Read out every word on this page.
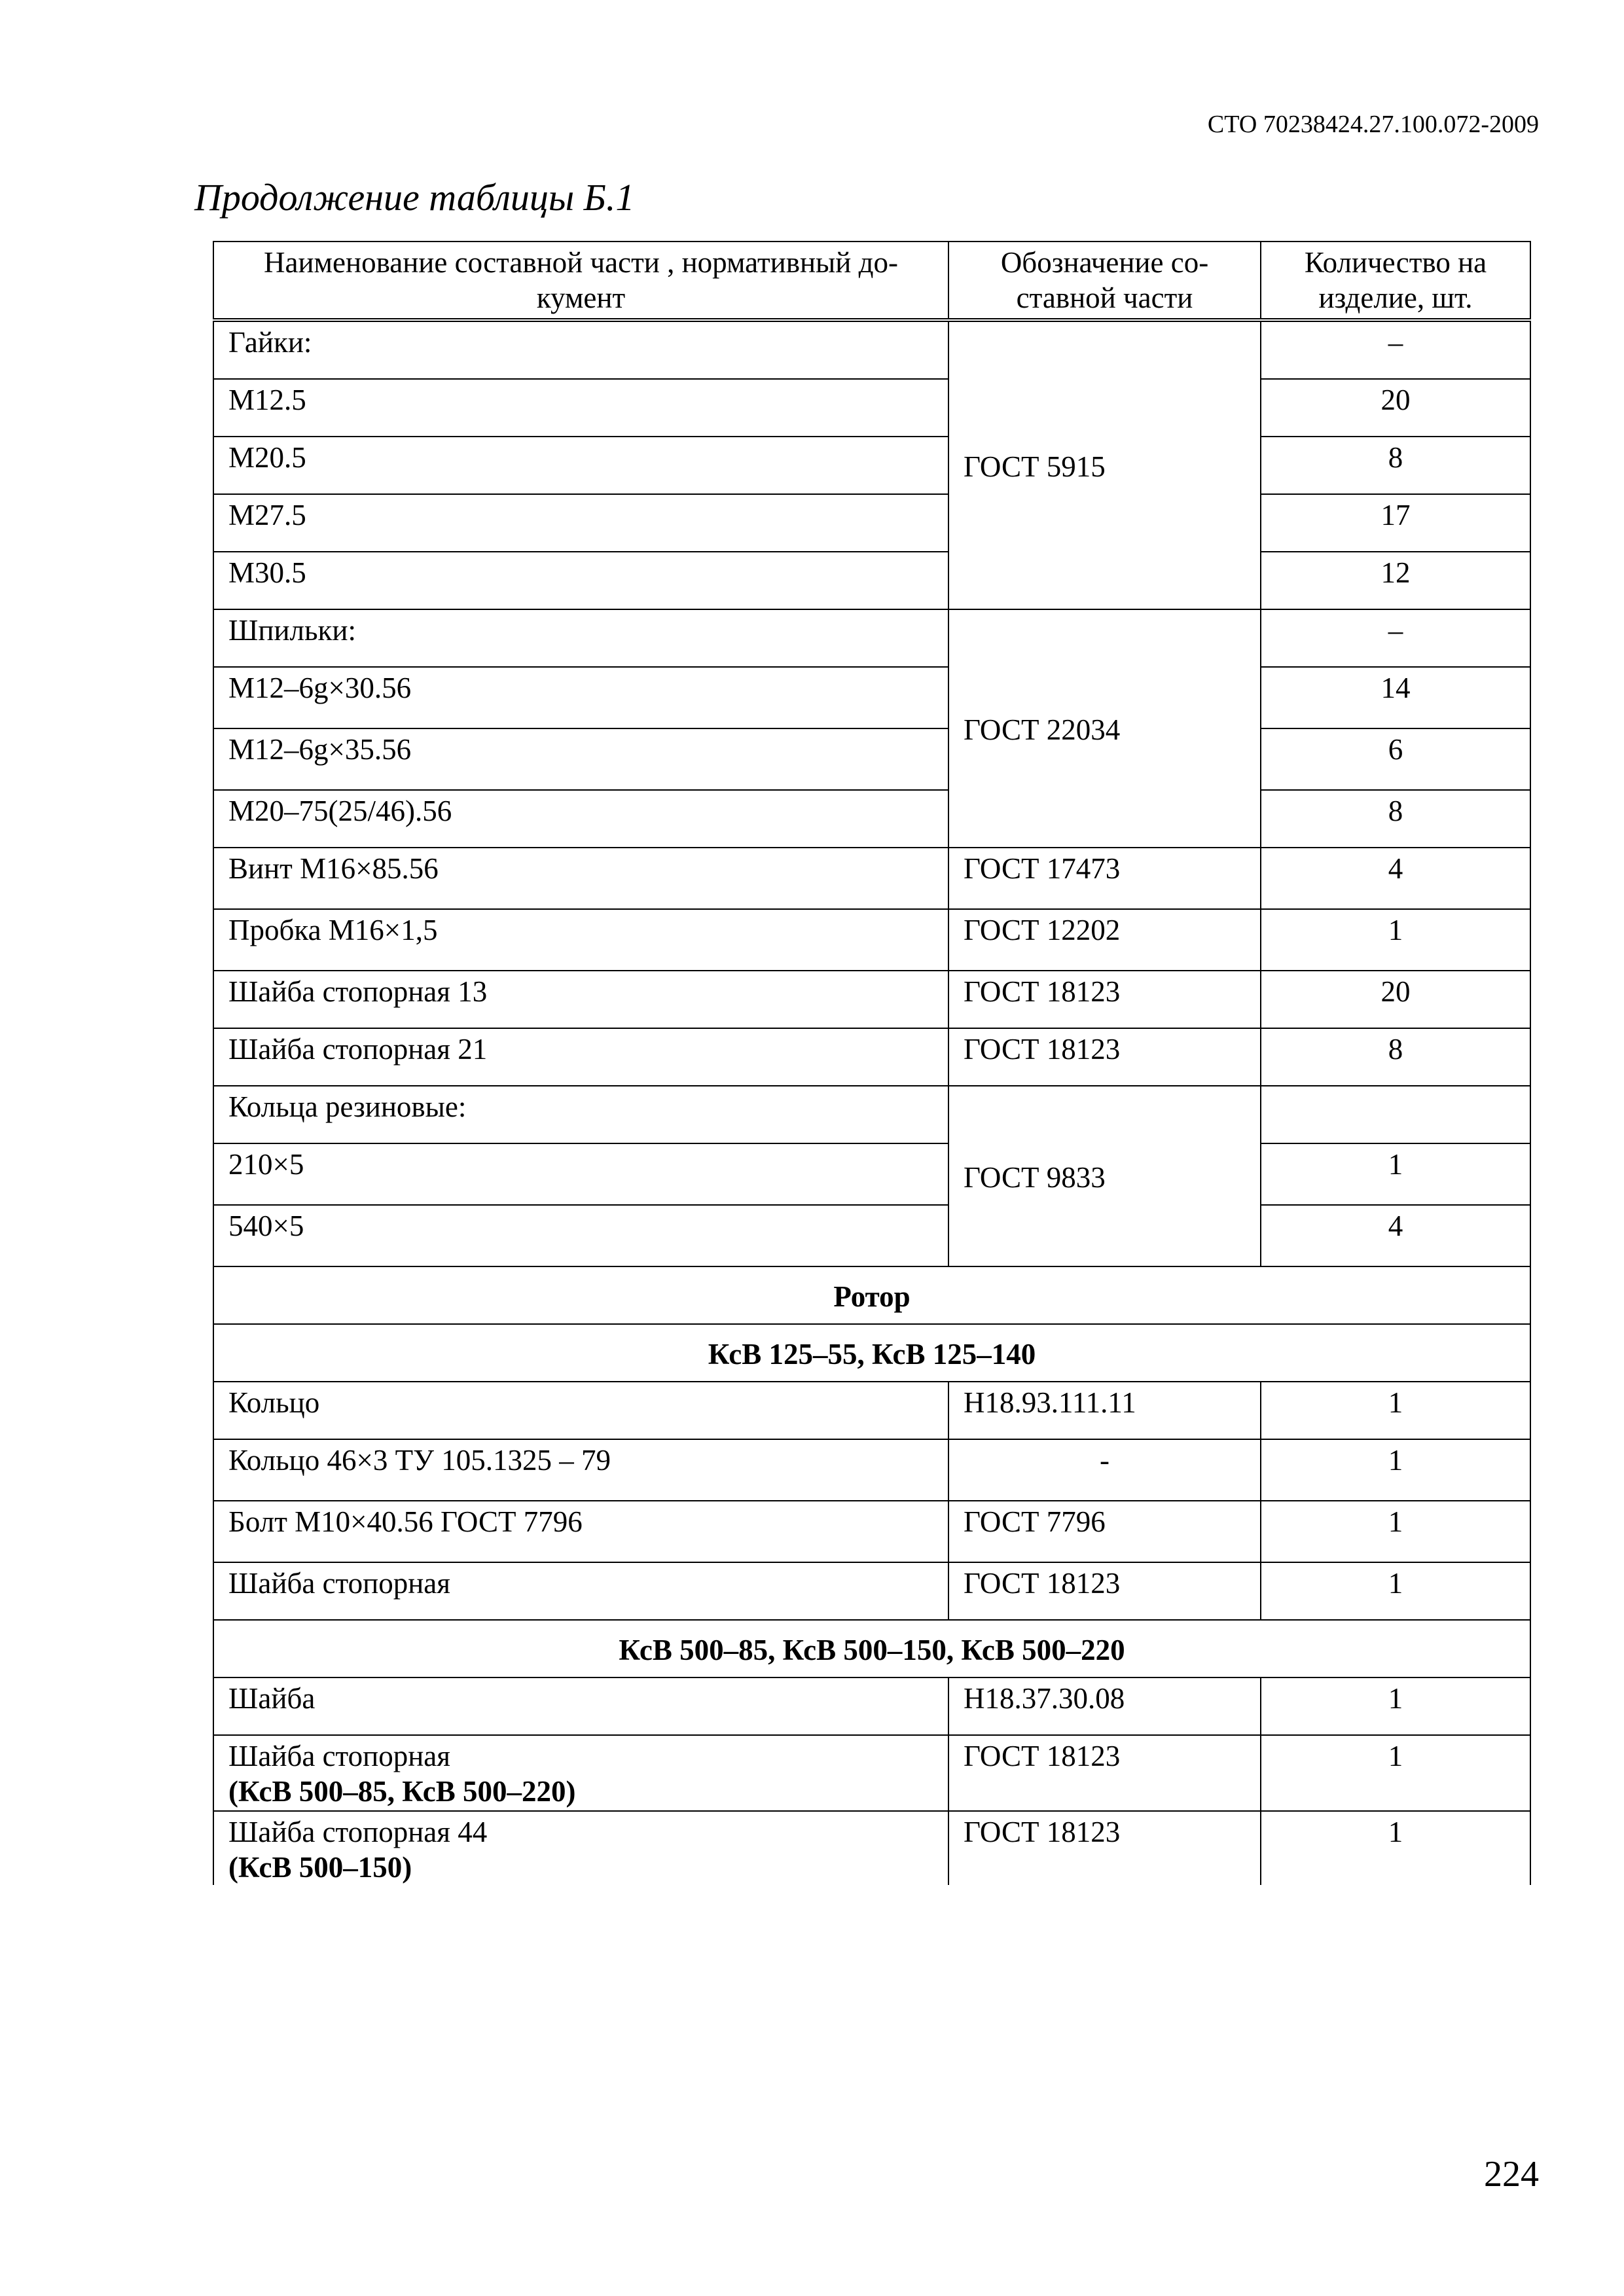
СТО 70238424.27.100.072-2009
Продолжение таблицы Б.1
Наименование составной части , нормативный до-кумент	Обозначение со-ставной части	Количество на изделие, шт.
Гайки:	ГОСТ 5915	–
М12.5		20
М20.5		8
М27.5		17
М30.5		12
Шпильки:	ГОСТ 22034	–
М12–6g×30.56		14
М12–6g×35.56		6
М20–75(25/46).56		8
Винт М16×85.56	ГОСТ 17473	4
Пробка М16×1,5	ГОСТ 12202	1
Шайба стопорная 13	ГОСТ 18123	20
Шайба стопорная 21	ГОСТ 18123	8
Кольца резиновые:	ГОСТ 9833	
210×5		1
540×5		4
Ротор		
КсВ 125–55, КсВ 125–140		
Кольцо	Н18.93.111.11	1
Кольцо 46×3 ТУ 105.1325 – 79	-	1
Болт М10×40.56 ГОСТ 7796	ГОСТ 7796	1
Шайба стопорная	ГОСТ 18123	1
КсВ 500–85, КсВ 500–150, КсВ 500–220		
Шайба	Н18.37.30.08	1
Шайба стопорная
(КсВ 500–85, КсВ 500–220)	ГОСТ 18123	1
Шайба стопорная 44
(КсВ 500–150)	ГОСТ 18123	1
224
